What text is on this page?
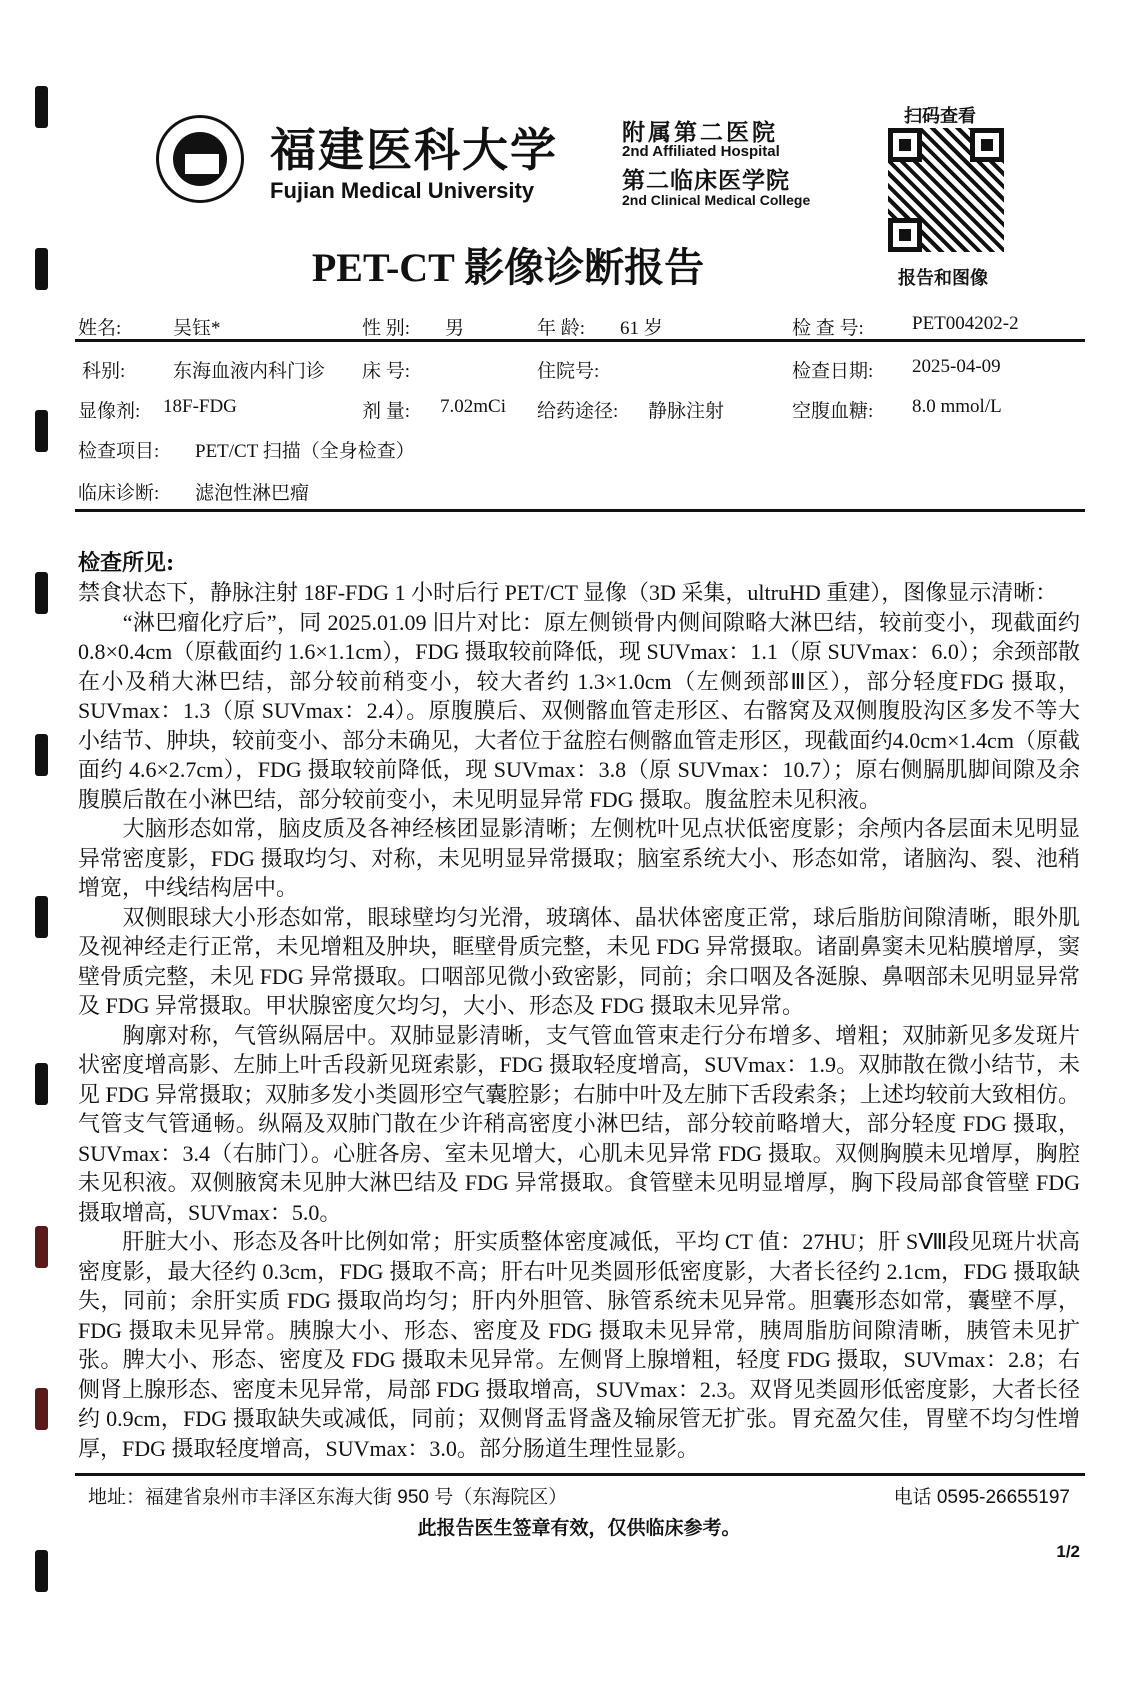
福建医科大学
Fujian Medical University
附属第二医院
2nd Affiliated Hospital
第二临床医学院
2nd Clinical Medical College
扫码查看
报告和图像
PET-CT 影像诊断报告
姓名:	吴钰*	性 别: 男	年 龄: 61 岁	检 查 号:	PET004202-2
科别:	东海血液内科门诊 床 号:	住院号:	检查日期: 2025-04-09
显像剂: 18F-FDG	剂 量: 7.02mCi 给药途径: 静脉注射	空腹血糖: 8.0 mmol/L
检查项目: PET/CT 扫描（全身检查）
临床诊断: 滤泡性淋巴瘤
检查所见:
禁食状态下，静脉注射 18F-FDG 1 小时后行 PET/CT 显像（3D 采集，ultruHD 重建），图像显示清晰：
　　“淋巴瘤化疗后”，同 2025.01.09 旧片对比：原左侧锁骨内侧间隙略大淋巴结，较前变小，现截面约 0.8×0.4cm（原截面约 1.6×1.1cm），FDG 摄取较前降低，现 SUVmax：1.1（原 SUVmax：6.0）；余颈部散在小及稍大淋巴结，部分较前稍变小，较大者约 1.3×1.0cm（左侧颈部Ⅲ区），部分轻度FDG 摄取，SUVmax：1.3（原 SUVmax：2.4）。原腹膜后、双侧髂血管走形区、右髂窝及双侧腹股沟区多发不等大小结节、肿块，较前变小、部分未确见，大者位于盆腔右侧髂血管走形区，现截面约4.0cm×1.4cm（原截面约 4.6×2.7cm），FDG 摄取较前降低，现 SUVmax：3.8（原 SUVmax：10.7）；原右侧膈肌脚间隙及余腹膜后散在小淋巴结，部分较前变小，未见明显异常 FDG 摄取。腹盆腔未见积液。
　　大脑形态如常，脑皮质及各神经核团显影清晰；左侧枕叶见点状低密度影；余颅内各层面未见明显异常密度影，FDG 摄取均匀、对称，未见明显异常摄取；脑室系统大小、形态如常，诸脑沟、裂、池稍增宽，中线结构居中。
　　双侧眼球大小形态如常，眼球壁均匀光滑，玻璃体、晶状体密度正常，球后脂肪间隙清晰，眼外肌及视神经走行正常，未见增粗及肿块，眶壁骨质完整，未见 FDG 异常摄取。诸副鼻窦未见粘膜增厚，窦壁骨质完整，未见 FDG 异常摄取。口咽部见微小致密影，同前；余口咽及各涎腺、鼻咽部未见明显异常及 FDG 异常摄取。甲状腺密度欠均匀，大小、形态及 FDG 摄取未见异常。
　　胸廓对称，气管纵隔居中。双肺显影清晰，支气管血管束走行分布增多、增粗；双肺新见多发斑片状密度增高影、左肺上叶舌段新见斑索影，FDG 摄取轻度增高，SUVmax：1.9。双肺散在微小结节，未见 FDG 异常摄取；双肺多发小类圆形空气囊腔影；右肺中叶及左肺下舌段索条；上述均较前大致相仿。气管支气管通畅。纵隔及双肺门散在少许稍高密度小淋巴结，部分较前略增大，部分轻度 FDG 摄取，SUVmax：3.4（右肺门）。心脏各房、室未见增大，心肌未见异常 FDG 摄取。双侧胸膜未见增厚，胸腔未见积液。双侧腋窝未见肿大淋巴结及 FDG 异常摄取。食管壁未见明显增厚，胸下段局部食管壁 FDG 摄取增高，SUVmax：5.0。
　　肝脏大小、形态及各叶比例如常；肝实质整体密度减低，平均 CT 值：27HU；肝 SⅧ段见斑片状高密度影，最大径约 0.3cm，FDG 摄取不高；肝右叶见类圆形低密度影，大者长径约 2.1cm，FDG 摄取缺失，同前；余肝实质 FDG 摄取尚均匀；肝内外胆管、脉管系统未见异常。胆囊形态如常，囊壁不厚，FDG 摄取未见异常。胰腺大小、形态、密度及 FDG 摄取未见异常，胰周脂肪间隙清晰，胰管未见扩张。脾大小、形态、密度及 FDG 摄取未见异常。左侧肾上腺增粗，轻度 FDG 摄取，SUVmax：2.8；右侧肾上腺形态、密度未见异常，局部 FDG 摄取增高，SUVmax：2.3。双肾见类圆形低密度影，大者长径约 0.9cm，FDG 摄取缺失或减低，同前；双侧肾盂肾盏及输尿管无扩张。胃充盈欠佳，胃壁不均匀性增厚，FDG 摄取轻度增高，SUVmax：3.0。部分肠道生理性显影。
地址：福建省泉州市丰泽区东海大街 950 号（东海院区）	电话 0595-26655197
此报告医生签章有效，仅供临床参考。
1/2
